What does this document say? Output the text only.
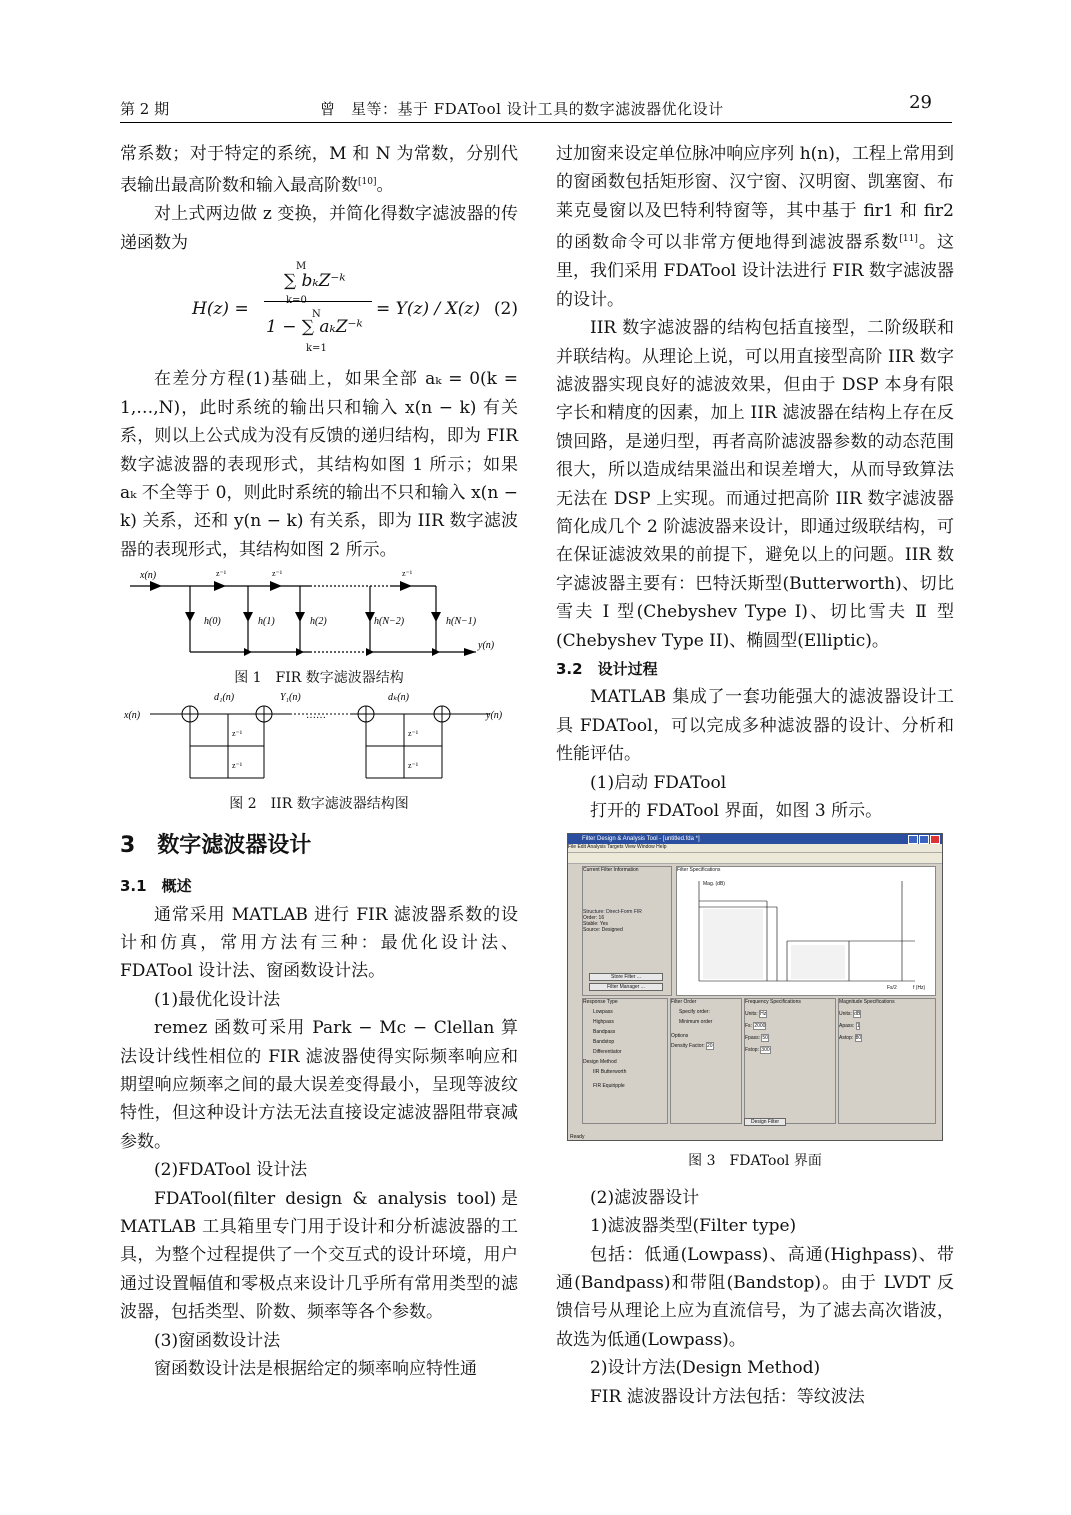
第 2 期	曾　星等：基于 FDATool 设计工具的数字滤波器优化设计	29

常系数；对于特定的系统，M 和 N 为常数，分别代表输出最高阶数和输入最高阶数[10]。

对上式两边做 z 变换，并简化得数字滤波器的传递函数为

H(z) =
M
∑ bₖZ⁻ᵏ
k=0
N
1 − ∑ aₖZ⁻ᵏ
k=1
= Y(z) / X(z) (2)

在差分方程(1)基础上，如果全部 aₖ = 0(k = 1,…,N)，此时系统的输出只和输入 x(n − k) 有关系，则以上公式成为没有反馈的递归结构，即为 FIR 数字滤波器的表现形式，其结构如图 1 所示；如果 aₖ 不全等于 0，则此时系统的输出不只和输入 x(n − k) 关系，还和 y(n − k) 有关系，即为 IIR 数字滤波器的表现形式，其结构如图 2 所示。

x(n)	z⁻¹	z⁻¹	z⁻¹
h(0)	h(1)	h(2)	h(N−2)	h(N−1)
y(n)
图 1　FIR 数字滤波器结构
x(n)
d₁(n)	Y₁(n)
……
dₖ(n)
y(n)
z⁻¹
z⁻¹
z⁻¹
z⁻¹
图 2　IIR 数字滤波器结构图

3　数字滤波器设计

3.1　概述

通常采用 MATLAB 进行 FIR 滤波器系数的设计和仿真，常用方法有三种：最优化设计法、FDATool 设计法、窗函数设计法。

(1)最优化设计法

remez 函数可采用 Park − Mc − Clellan 算法设计线性相位的 FIR 滤波器使得实际频率响应和期望响应频率之间的最大误差变得最小，呈现等波纹特性，但这种设计方法无法直接设定滤波器阻带衰减参数。

(2)FDATool 设计法

FDATool(filter design & analysis tool)是 MATLAB 工具箱里专门用于设计和分析滤波器的工具，为整个过程提供了一个交互式的设计环境，用户通过设置幅值和零极点来设计几乎所有常用类型的滤波器，包括类型、阶数、频率等各个参数。

(3)窗函数设计法

窗函数设计法是根据给定的频率响应特性通

过加窗来设定单位脉冲响应序列 h(n)，工程上常用到的窗函数包括矩形窗、汉宁窗、汉明窗、凯塞窗、布莱克曼窗以及巴特利特窗等，其中基于 fir1 和 fir2 的函数命令可以非常方便地得到滤波器系数[11]。这里，我们采用 FDATool 设计法进行 FIR 数字滤波器的设计。

IIR 数字滤波器的结构包括直接型，二阶级联和并联结构。从理论上说，可以用直接型高阶 IIR 数字滤波器实现良好的滤波效果，但由于 DSP 本身有限字长和精度的因素，加上 IIR 滤波器在结构上存在反馈回路，是递归型，再者高阶滤波器参数的动态范围很大，所以造成结果溢出和误差增大，从而导致算法无法在 DSP 上实现。而通过把高阶 IIR 数字滤波器简化成几个 2 阶滤波器来设计，即通过级联结构，可在保证滤波效果的前提下，避免以上的问题。IIR 数字滤波器主要有：巴特沃斯型(Butterworth)、切比雪夫 I 型(Chebyshev Type I)、切比雪夫 Ⅱ 型(Chebyshev Type II)、椭圆型(Elliptic)。

3.2　设计过程

MATLAB 集成了一套功能强大的滤波器设计工具 FDATool，可以完成多种滤波器的设计、分析和性能评估。

(1)启动 FDATool

打开的 FDATool 界面，如图 3 所示。

Filter Design & Analysis Tool - [untitled.fda *]
File Edit Analysis Targets View Window Help
Current Filter Information
Structure: Direct-Form FIR
Order: 16
Stable: Yes
Source: Designed
Store Filter ...
Filter Manager ...
Filter Specifications
Mag. (dB)
Fs/2	f (Hz)
Response Type
Lowpass
Highpass
Bandpass
Bandstop
Differentiator
Design Method
IIR Butterworth
FIR Equiripple
Filter Order
Specify order:
Minimum order
Options
Density Factor: 20
Frequency Specifications
Units: Hz
Fs: 2000
Fpass: 50
Fstop: 300
Magnitude Specifications
Units: dB
Apass: 1
Astop: 80
Design Filter
Ready
图 3　FDATool 界面

(2)滤波器设计

1)滤波器类型(Filter type)

包括：低通(Lowpass)、高通(Highpass)、带通(Bandpass)和带阻(Bandstop)。由于 LVDT 反馈信号从理论上应为直流信号，为了滤去高次谐波，故选为低通(Lowpass)。

2)设计方法(Design Method)

FIR 滤波器设计方法包括：等纹波法
